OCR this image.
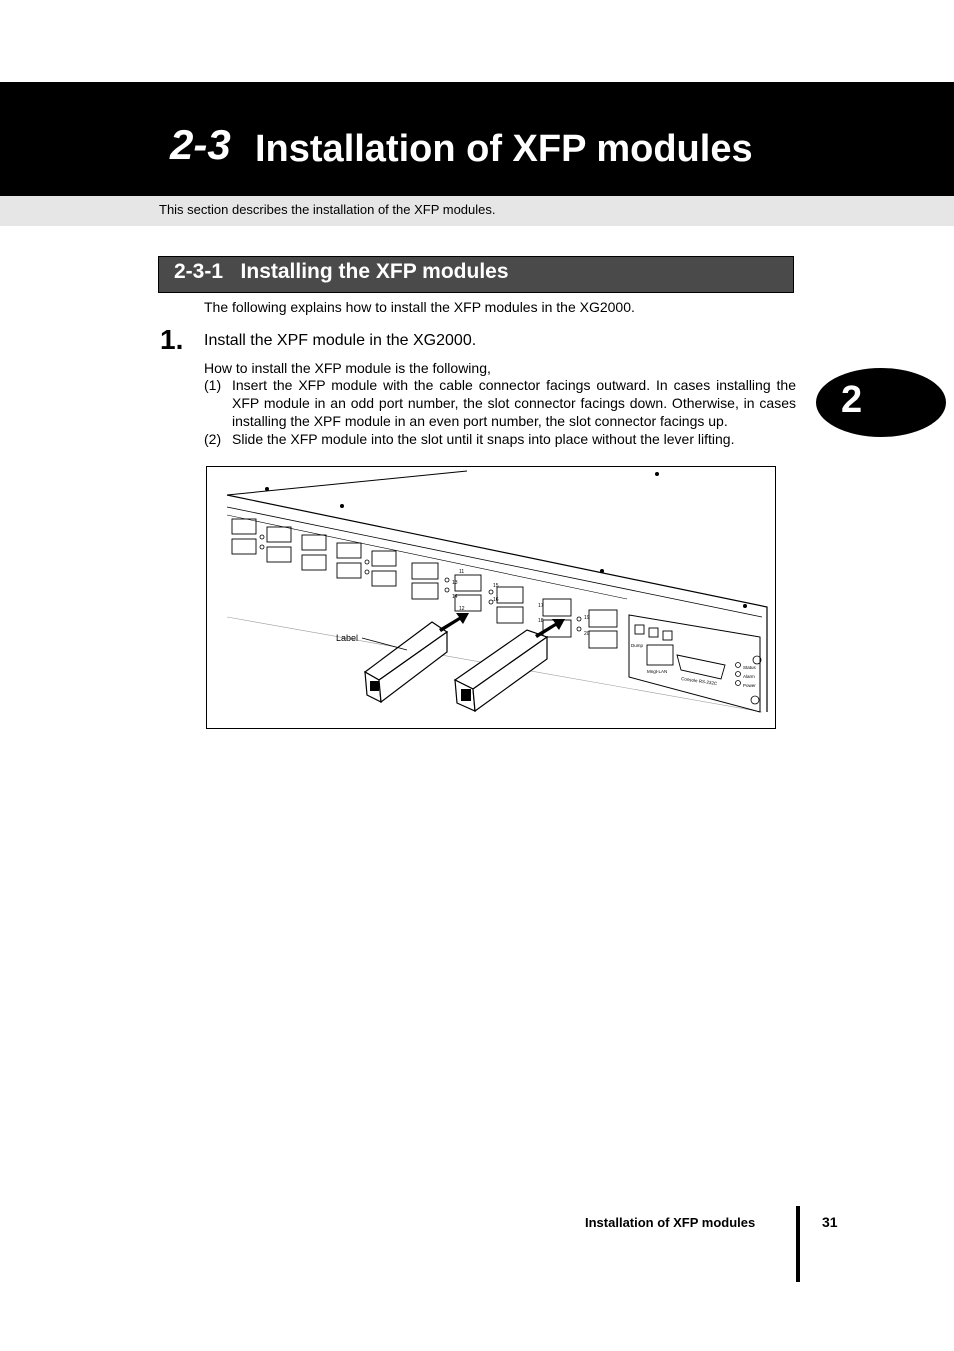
2-3 Installation of XFP modules
This section describes the installation of the XFP modules.
2
2-3-1   Installing the XFP modules
The following explains how to install the XFP modules in the XG2000.
1. Install the XPF module in the XG2000.
How to install the XFP module is the following,
(1) Insert the XFP module with the cable connector facings outward. In cases installing the XFP module in an odd port number, the slot connector facings down. Otherwise, in cases installing the XPF module in an even port number, the slot connector facings up.
(2) Slide the XFP module into the slot until it snaps into place without the lever lifting.
11
12
13
14
15
16
17
18	19
20
Dump
Mngt-LAN
Console RS-232C
Status
Alarm
Power
Label
Installation of XFP modules	31
